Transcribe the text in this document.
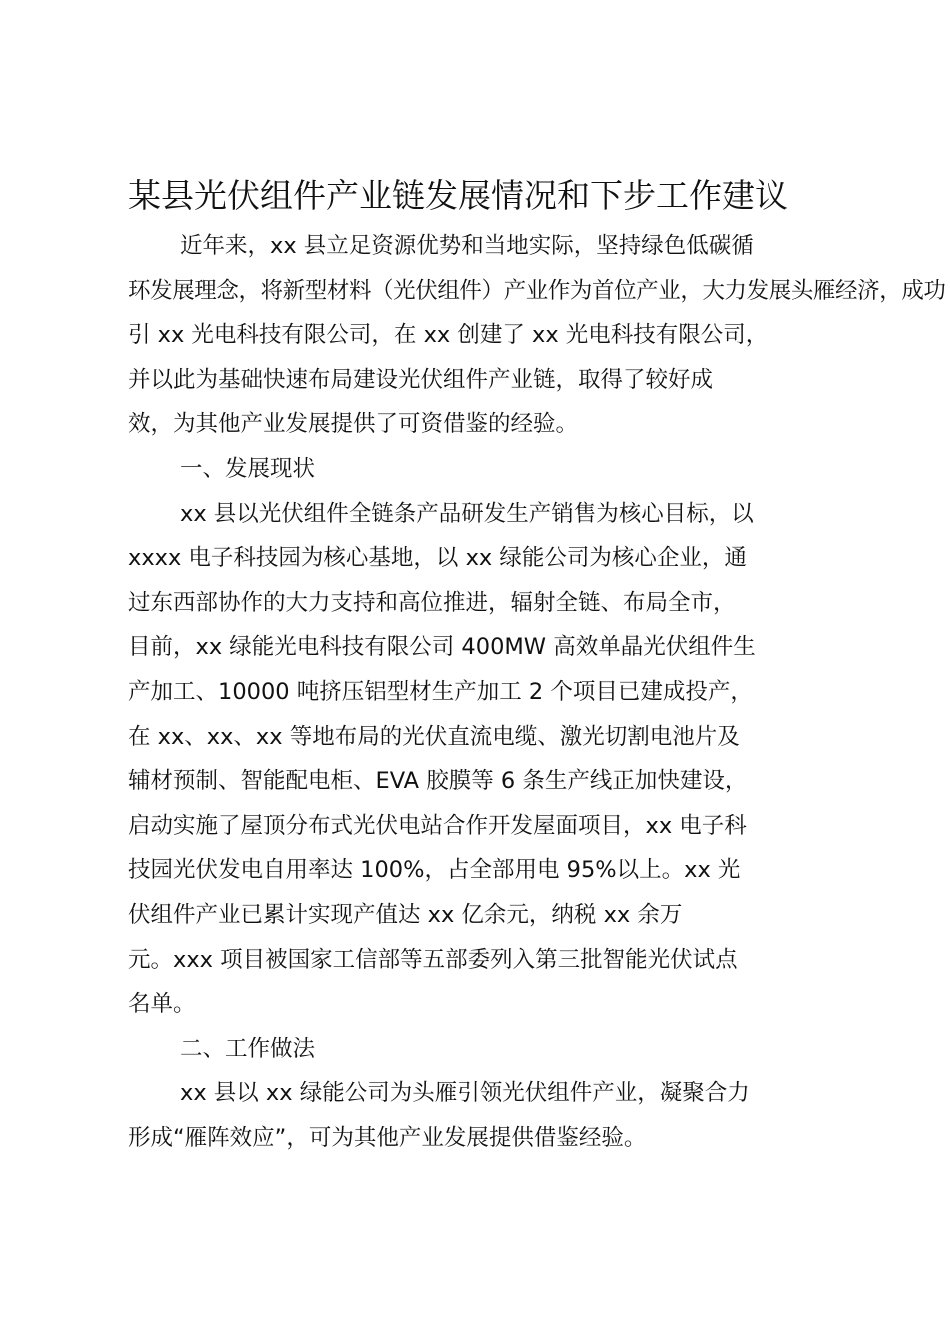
某县光伏组件产业链发展情况和下步工作建议
近年来，xx 县立足资源优势和当地实际，坚持绿色低碳循
环发展理念，将新型材料（光伏组件）产业作为首位产业，大力发展头雁经济，成功
引 xx 光电科技有限公司，在 xx 创建了 xx 光电科技有限公司，
并以此为基础快速布局建设光伏组件产业链，取得了较好成
效，为其他产业发展提供了可资借鉴的经验。
一、发展现状
xx 县以光伏组件全链条产品研发生产销售为核心目标，以
xxxx 电子科技园为核心基地，以 xx 绿能公司为核心企业，通
过东西部协作的大力支持和高位推进，辐射全链、布局全市，
目前，xx 绿能光电科技有限公司 400MW 高效单晶光伏组件生
产加工、10000 吨挤压铝型材生产加工 2 个项目已建成投产，
在 xx、xx、xx 等地布局的光伏直流电缆、激光切割电池片及
辅材预制、智能配电柜、EVA 胶膜等 6 条生产线正加快建设，
启动实施了屋顶分布式光伏电站合作开发屋面项目，xx 电子科
技园光伏发电自用率达 100%，占全部用电 95%以上。xx 光
伏组件产业已累计实现产值达 xx 亿余元，纳税 xx 余万
元。xxx 项目被国家工信部等五部委列入第三批智能光伏试点
名单。
二、工作做法
xx 县以 xx 绿能公司为头雁引领光伏组件产业，凝聚合力
形成“雁阵效应”，可为其他产业发展提供借鉴经验。
